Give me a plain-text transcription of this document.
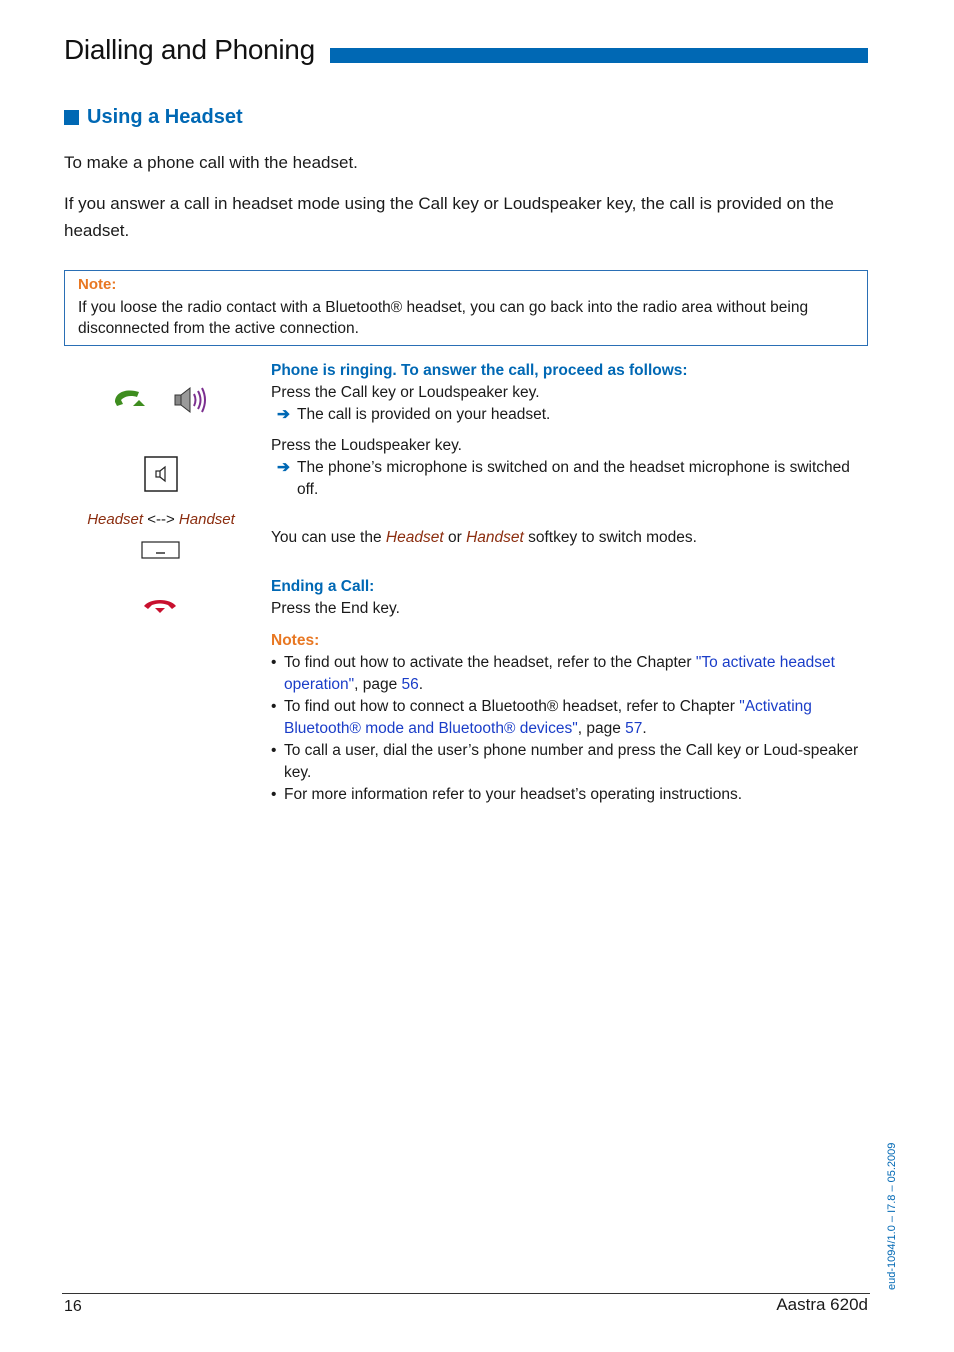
Dialling and Phoning
Using a Headset
To make a phone call with the headset.
If you answer a call in headset mode using the Call key or Loudspeaker key, the call is provided on the headset.
Note:
If you loose the radio contact with a Bluetooth® headset, you can go back into the radio area without being disconnected from the active connection.
Headset <--> Handset
Phone is ringing. To answer the call, proceed as follows:
Press the Call key or Loudspeaker key.
➔ The call is provided on your headset.
Press the Loudspeaker key.
➔ The phone’s microphone is switched on and the headset microphone is switched off.
You can use the Headset or Handset softkey to switch modes.
Ending a Call:
Press the End key.
Notes:
• To find out how to activate the headset, refer to the Chapter "To activate headset operation", page 56.
• To find out how to connect a Bluetooth® headset, refer to Chapter "Activating Bluetooth® mode and Bluetooth® devices", page 57.
• To call a user, dial the user’s phone number and press the Call key or Loud-speaker key.
• For more information refer to your headset’s operating instructions.
eud-1094/1.0 – I7.8 – 05.2009
16	Aastra 620d
